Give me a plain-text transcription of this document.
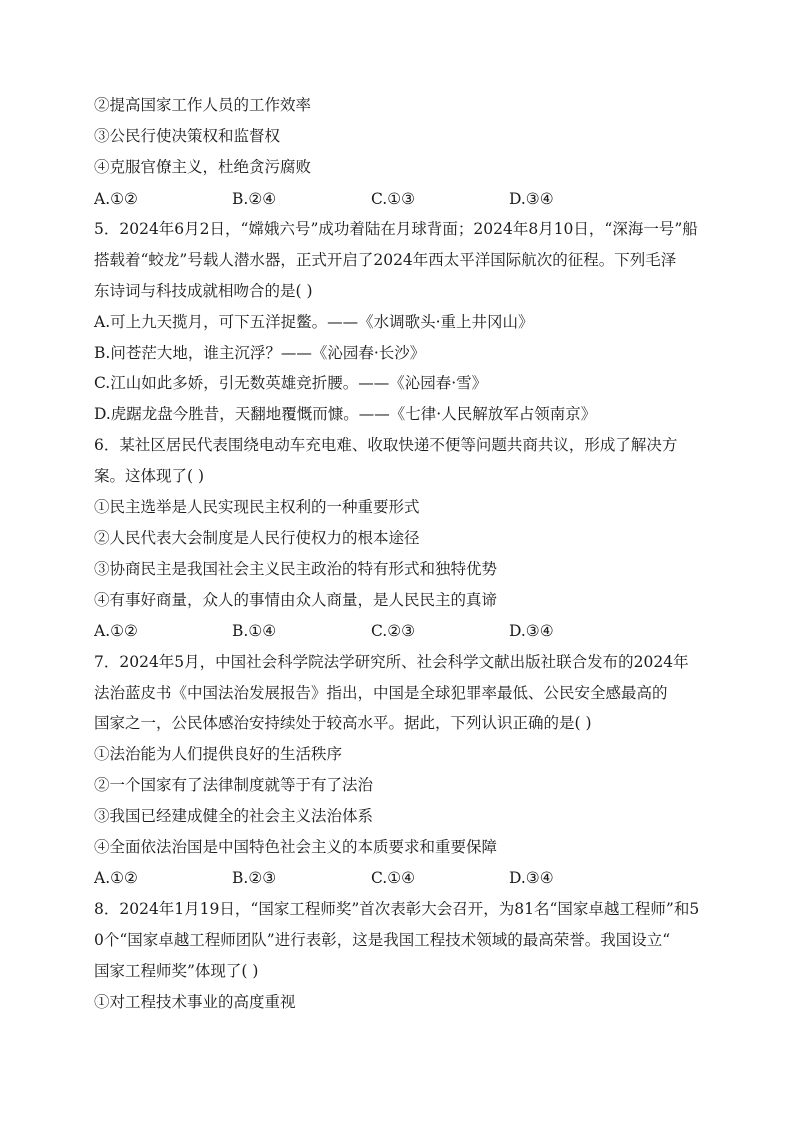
②提高国家工作人员的工作效率
③公民行使决策权和监督权
④克服官僚主义，杜绝贪污腐败
A.①②	B.②④	C.①③	D.③④
5．2024年6月2日，“嫦娥六号”成功着陆在月球背面；2024年8月10日，“深海一号”船
搭载着“蛟龙”号载人潜水器，正式开启了2024年西太平洋国际航次的征程。下列毛泽
东诗词与科技成就相吻合的是( )
A.可上九天揽月，可下五洋捉鳖。——《水调歌头·重上井冈山》
B.问苍茫大地，谁主沉浮？——《沁园春·长沙》
C.江山如此多娇，引无数英雄竞折腰。——《沁园春·雪》
D.虎踞龙盘今胜昔，天翻地覆慨而慷。——《七律·人民解放军占领南京》
6．某社区居民代表围绕电动车充电难、收取快递不便等问题共商共议，形成了解决方
案。这体现了( )
①民主选举是人民实现民主权利的一种重要形式
②人民代表大会制度是人民行使权力的根本途径
③协商民主是我国社会主义民主政治的特有形式和独特优势
④有事好商量，众人的事情由众人商量，是人民民主的真谛
A.①②	B.①④	C.②③	D.③④
7．2024年5月，中国社会科学院法学研究所、社会科学文献出版社联合发布的2024年
法治蓝皮书《中国法治发展报告》指出，中国是全球犯罪率最低、公民安全感最高的
国家之一，公民体感治安持续处于较高水平。据此，下列认识正确的是( )
①法治能为人们提供良好的生活秩序
②一个国家有了法律制度就等于有了法治
③我国已经建成健全的社会主义法治体系
④全面依法治国是中国特色社会主义的本质要求和重要保障
A.①②	B.②③	C.①④	D.③④
8．2024年1月19日，“国家工程师奖”首次表彰大会召开，为81名“国家卓越工程师”和5
0个“国家卓越工程师团队”进行表彰，这是我国工程技术领域的最高荣誉。我国设立“
国家工程师奖”体现了( )
①对工程技术事业的高度重视
